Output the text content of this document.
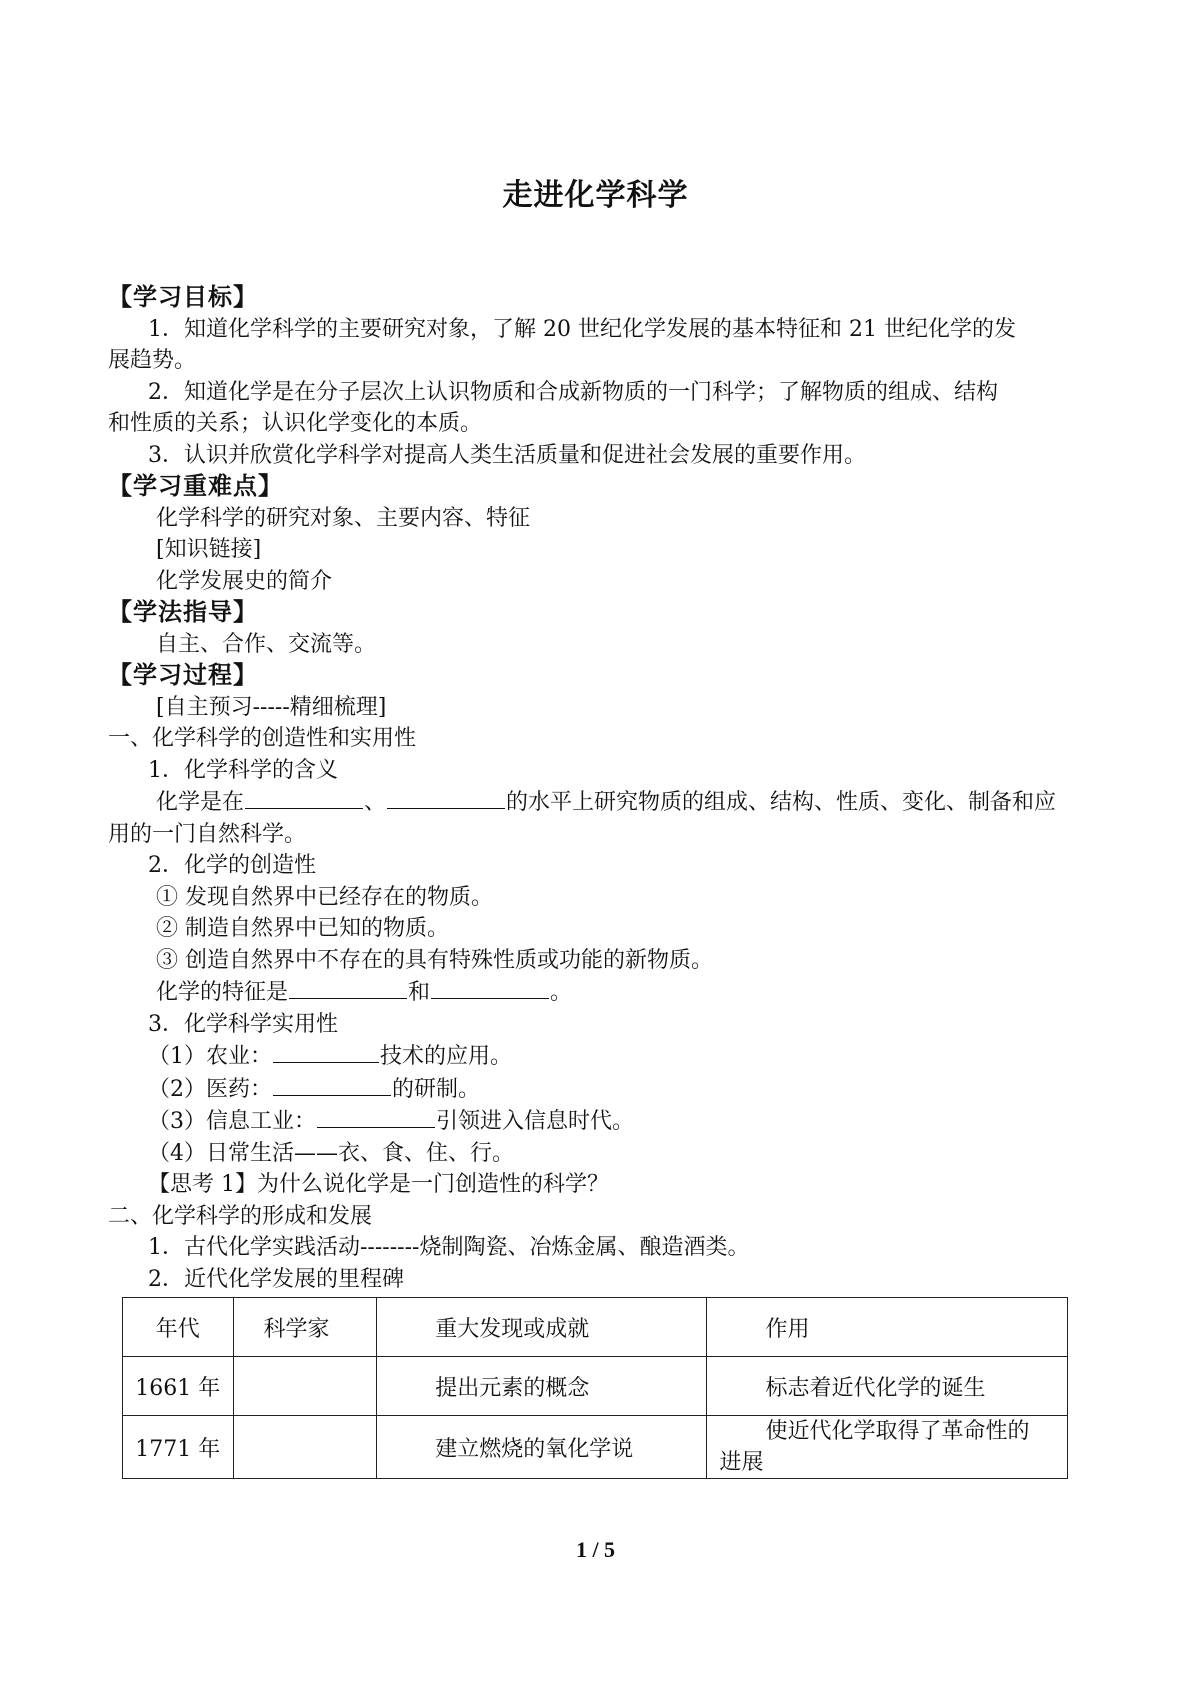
走进化学科学
【学习目标】
1．知道化学科学的主要研究对象，了解 20 世纪化学发展的基本特征和 21 世纪化学的发
展趋势。
2．知道化学是在分子层次上认识物质和合成新物质的一门科学；了解物质的组成、结构
和性质的关系；认识化学变化的本质。
3．认识并欣赏化学科学对提高人类生活质量和促进社会发展的重要作用。
【学习重难点】
化学科学的研究对象、主要内容、特征
[知识链接]
化学发展史的简介
【学法指导】
自主、合作、交流等。
【学习过程】
[自主预习-----精细梳理]
一、化学科学的创造性和实用性
1．化学科学的含义
化学是在	、	的水平上研究物质的组成、结构、性质、变化、制备和应
用的一门自然科学。
2．化学的创造性
① 发现自然界中已经存在的物质。
② 制造自然界中已知的物质。
③ 创造自然界中不存在的具有特殊性质或功能的新物质。
化学的特征是	和	。
3．化学科学实用性
（1）农业：	技术的应用。
（2）医药：	的研制。
（3）信息工业：	引领进入信息时代。
（4）日常生活——衣、食、住、行。
【思考 1】为什么说化学是一门创造性的科学？
二、化学科学的形成和发展
1．古代化学实践活动--------烧制陶瓷、冶炼金属、酿造酒类。
2．近代化学发展的里程碑
年代	科学家	重大发现或成就	作用
1661 年		提出元素的概念	标志着近代化学的诞生
1771 年		建立燃烧的氧化学说	使近代化学取得了革命性的
进展
1 / 5
